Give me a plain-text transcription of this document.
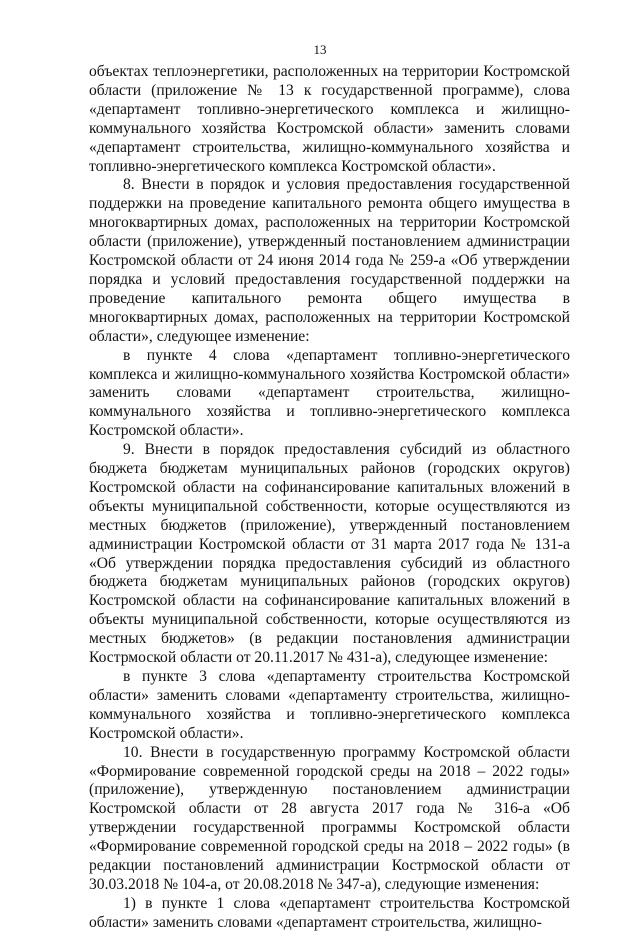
13

объектах теплоэнергетики, расположенных на территории Костромской области (приложение № 13 к государственной программе), слова «департамент топливно-энергетического комплекса и жилищно-коммунального хозяйства Костромской области» заменить словами «департамент строительства, жилищно-коммунального хозяйства и топливно-энергетического комплекса Костромской области».

8. Внести в порядок и условия предоставления государственной поддержки на проведение капитального ремонта общего имущества в многоквартирных домах, расположенных на территории Костромской области (приложение), утвержденный постановлением администрации Костромской области от 24 июня 2014 года № 259-а «Об утверждении порядка и условий предоставления государственной поддержки на проведение капитального ремонта общего имущества в многоквартирных домах, расположенных на территории Костромской области», следующее изменение:

в пункте 4 слова «департамент топливно-энергетического комплекса и жилищно-коммунального хозяйства Костромской области» заменить словами «департамент строительства, жилищно-коммунального хозяйства и топливно-энергетического комплекса Костромской области».

9. Внести в порядок предоставления субсидий из областного бюджета бюджетам муниципальных районов (городских округов) Костромской области на софинансирование капитальных вложений в объекты муниципальной собственности, которые осуществляются из местных бюджетов (приложение), утвержденный постановлением администрации Костромской области от 31 марта 2017 года № 131-а «Об утверждении порядка предоставления субсидий из областного бюджета бюджетам муниципальных районов (городских округов) Костромской области на софинансирование капитальных вложений в объекты муниципальной собственности, которые осуществляются из местных бюджетов» (в редакции постановления администрации Кострмоской области от 20.11.2017 № 431-а), следующее изменение:

в пункте 3 слова «департаменту строительства Костромской области» заменить словами «департаменту строительства, жилищно-коммунального хозяйства и топливно-энергетического комплекса Костромской области».

10. Внести в государственную программу Костромской области «Формирование современной городской среды на 2018 – 2022 годы» (приложение), утвержденную постановлением администрации Костромской области от 28 августа 2017 года № 316-а «Об утверждении государственной программы Костромской области «Формирование современной городской среды на 2018 – 2022 годы» (в редакции постановлений администрации Кострмоской области от 30.03.2018 № 104-а, от 20.08.2018 № 347-а), следующие изменения:

1) в пункте 1 слова «департамент строительства Костромской области» заменить словами «департамент строительства, жилищно-
